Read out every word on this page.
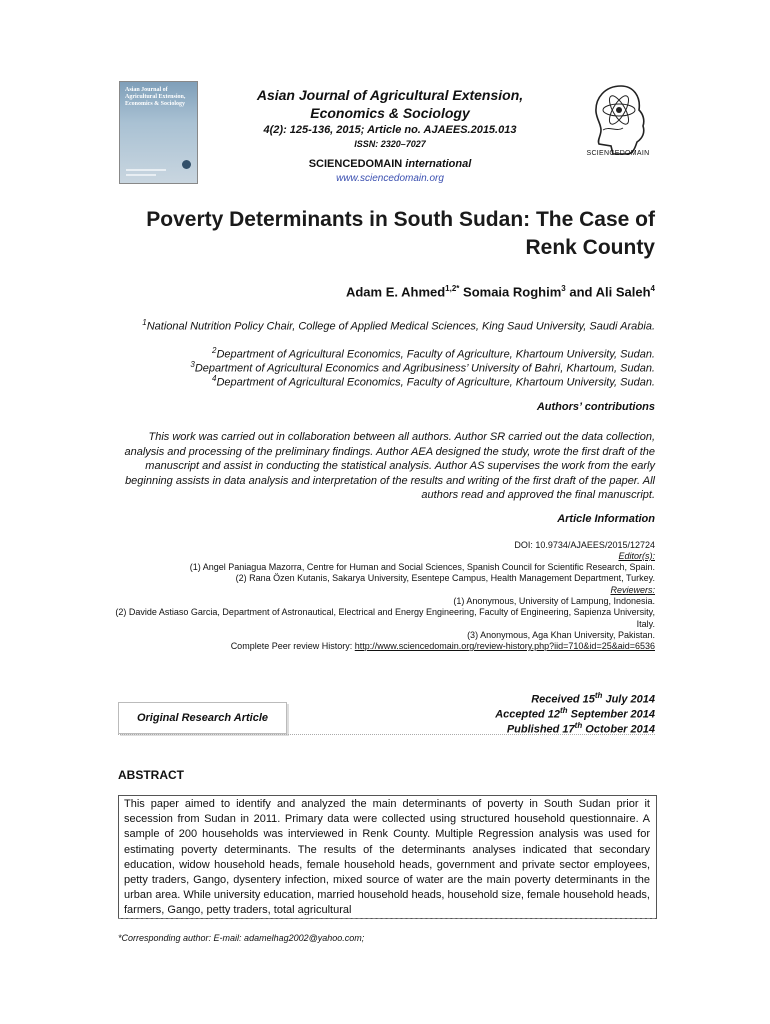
Asian Journal of Agricultural Extension, Economics & Sociology
Asian Journal of Agricultural Extension, Economics & Sociology
4(2): 125-136, 2015; Article no. AJAEES.2015.013
ISSN: 2320–7027
SCIENCEDOMAIN international
www.sciencedomain.org
SCIENCEDOMAIN
Poverty Determinants in South Sudan: The Case of Renk County
Adam E. Ahmed$^{1,2*}$ Somaia Roghim$^3$ and Ali Saleh$^4$
$^1$National Nutrition Policy Chair, College of Applied Medical Sciences, King Saud University, Saudi Arabia.
$^2$Department of Agricultural Economics, Faculty of Agriculture, Khartoum University, Sudan.
$^3$Department of Agricultural Economics and Agribusiness’ University of Bahri, Khartoum, Sudan.
$^4$Department of Agricultural Economics, Faculty of Agriculture, Khartoum University, Sudan.
Authors’ contributions
This work was carried out in collaboration between all authors. Author SR carried out the data collection, analysis and processing of the preliminary findings. Author AEA designed the study, wrote the first draft of the manuscript and assist in conducting the statistical analysis. Author AS supervises the work from the early beginning assists in data analysis and interpretation of the results and writing of the first draft of the paper. All authors read and approved the final manuscript.
Article Information
DOI: 10.9734/AJAEES/2015/12724
Editor(s):
(1) Angel Paniagua Mazorra, Centre for Human and Social Sciences, Spanish Council for Scientific Research, Spain.
(2) Rana Özen Kutanis, Sakarya University, Esentepe Campus, Health Management Department, Turkey.
Reviewers:
(1) Anonymous, University of Lampung, Indonesia.
(2) Davide Astiaso Garcia, Department of Astronautical, Electrical and Energy Engineering, Faculty of Engineering, Sapienza University, Italy.
(3) Anonymous, Aga Khan University, Pakistan.
Complete Peer review History: http://www.sciencedomain.org/review-history.php?iid=710&id=25&aid=6536
Original Research Article
Received 15th July 2014
Accepted 12th September 2014
Published 17th October 2014
ABSTRACT
This paper aimed to identify and analyzed the main determinants of poverty in South Sudan prior it secession from Sudan in 2011. Primary data were collected using structured household questionnaire. A sample of 200 households was interviewed in Renk County. Multiple Regression analysis was used for estimating poverty determinants. The results of the determinants analyses indicated that secondary education, widow household heads, female household heads, government and private sector employees, petty traders, Gango, dysentery infection, mixed source of water are the main poverty determinants in the urban area. While university education, married household heads, household size, female household heads, farmers, Gango, petty traders, total agricultural
*Corresponding author: E-mail: adamelhag2002@yahoo.com;
